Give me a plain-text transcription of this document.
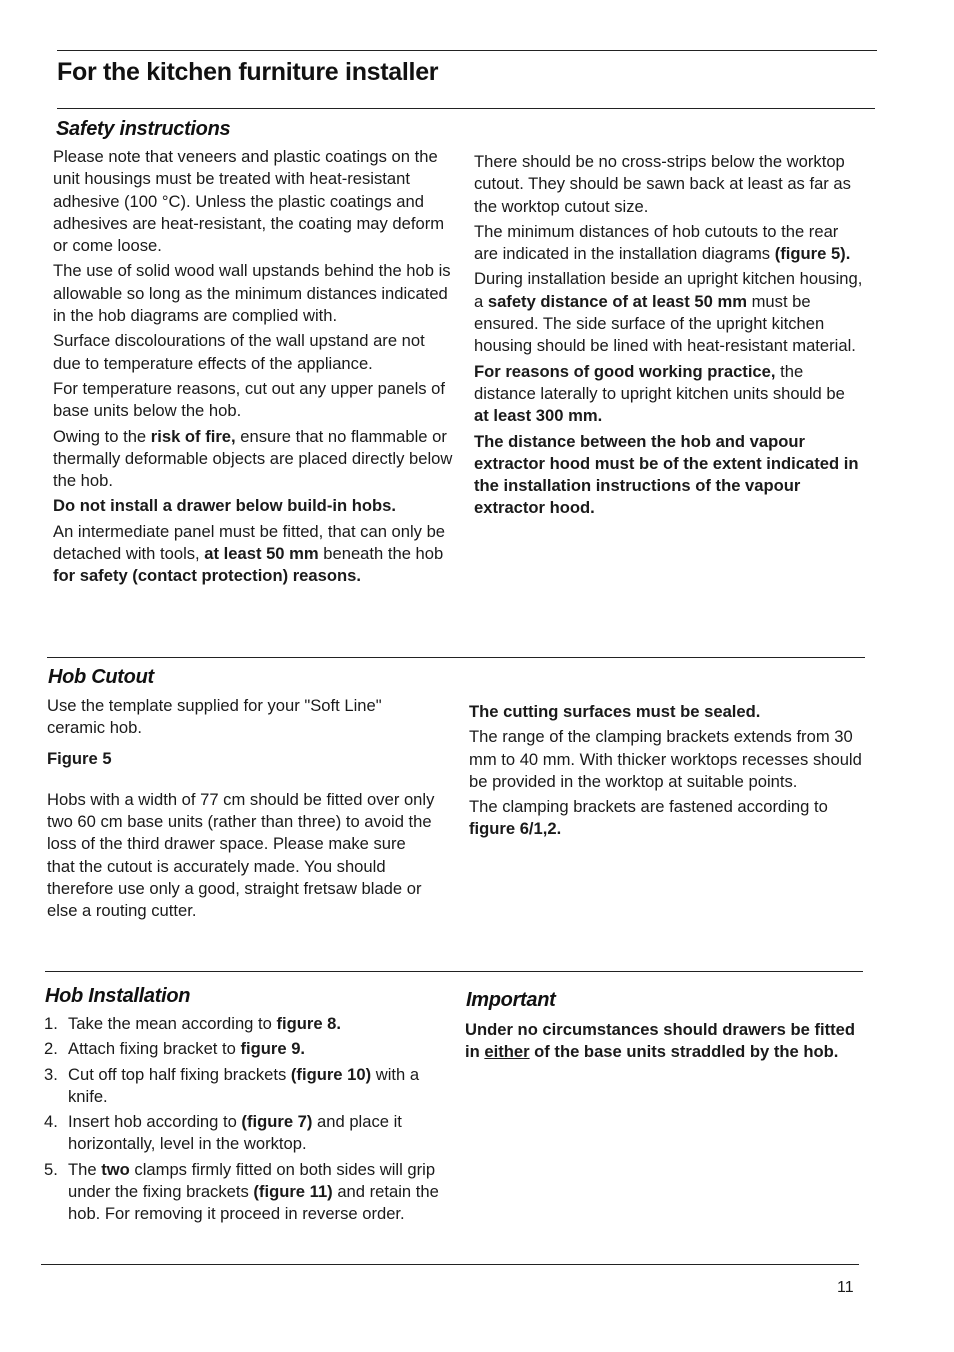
For the kitchen furniture installer
Safety instructions

Please note that veneers and plastic coatings on the unit housings must be treated with heat-resistant adhesive (100 °C). Unless the plastic coatings and adhesives are heat-resistant, the coating may deform or come loose.

The use of solid wood wall upstands behind the hob is allowable so long as the minimum distances indicated in the hob diagrams are complied with.

Surface discolourations of the wall upstand are not due to temperature effects of the appliance.

For temperature reasons, cut out any upper panels of base units below the hob.

Owing to the risk of fire, ensure that no flammable or thermally deformable objects are placed directly below the hob.

Do not install a drawer below build-in hobs.

An intermediate panel must be fitted, that can only be detached with tools, at least 50 mm beneath the hob for safety (contact protection) reasons.

There should be no cross-strips below the worktop cutout. They should be sawn back at least as far as the worktop cutout size.

The minimum distances of hob cutouts to the rear are indicated in the installation diagrams (figure 5).

During installation beside an upright kitchen housing, a safety distance of at least 50 mm must be ensured. The side surface of the upright kitchen housing should be lined with heat-resistant material.

For reasons of good working practice, the distance laterally to upright kitchen units should be at least 300 mm.

The distance between the hob and vapour extractor hood must be of the extent indicated in the installation instructions of the vapour extractor hood.

Hob Cutout

Use the template supplied for your "Soft Line" ceramic hob.

Figure 5

Hobs with a width of 77 cm should be fitted over only two 60 cm base units (rather than three) to avoid the loss of the third drawer space. Please make sure that the cutout is accurately made. You should therefore use only a good, straight fretsaw blade or else a routing cutter.

The cutting surfaces must be sealed.

The range of the clamping brackets extends from 30 mm to 40 mm. With thicker worktops recesses should be provided in the worktop at suitable points.

The clamping brackets are fastened according to figure 6/1,2.

Hob Installation
1. Take the mean according to figure 8.
2. Attach fixing bracket to figure 9.
3. Cut off top half fixing brackets (figure 10) with a knife.
4. Insert hob according to (figure 7) and place it horizontally, level in the worktop.
5. The two clamps firmly fitted on both sides will grip under the fixing brackets (figure 11) and retain the hob. For removing it proceed in reverse order.
Important

Under no circumstances should drawers be fitted in either of the base units straddled by the hob.

11
